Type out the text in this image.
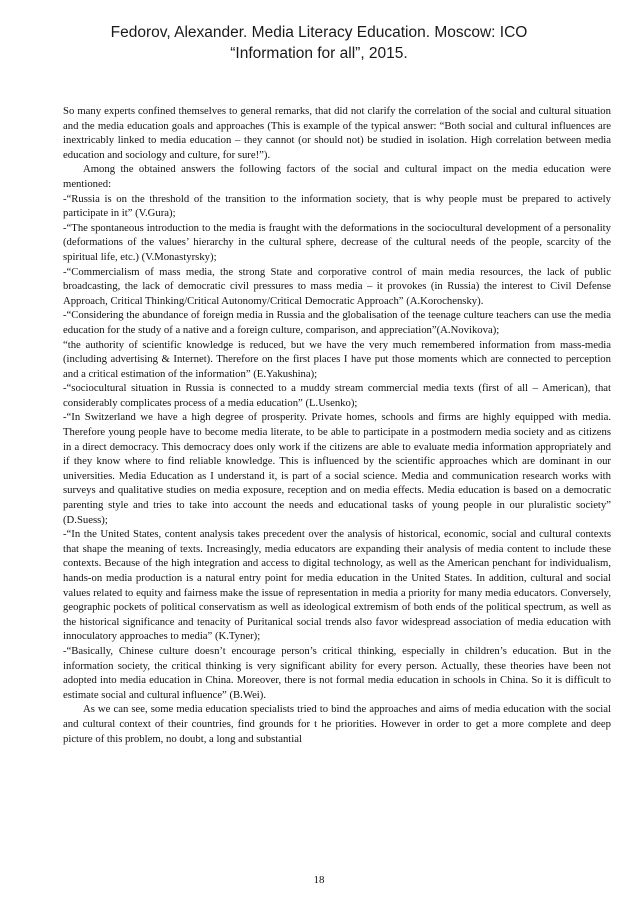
Fedorov, Alexander. Media Literacy Education. Moscow: ICO
“Information for all”, 2015.

So many experts confined themselves to general remarks, that did not clarify the correlation of the social and cultural situation and the media education goals and approaches (This is example of the typical answer: “Both social and cultural influences are inextricably linked to media education – they cannot (or should not) be studied in isolation. High correlation between media education and sociology and culture, for sure!”).

Among the obtained answers the following factors of the social and cultural impact on the media education were mentioned:

-“Russia is on the threshold of the transition to the information society, that is why people must be prepared to actively participate in it” (V.Gura);

-“The spontaneous introduction to the media is fraught with the deformations in the sociocultural development of a personality (deformations of the values’ hierarchy in the cultural sphere, decrease of the cultural needs of the people, scarcity of the spiritual life, etc.) (V.Monastyrsky);

-“Commercialism of mass media, the strong State and corporative control of main media resources, the lack of public broadcasting, the lack of democratic civil pressures to mass media – it provokes (in Russia) the interest to Civil Defense Approach, Critical Thinking/Critical Autonomy/Critical Democratic Approach” (A.Korochensky).

-“Considering the abundance of foreign media in Russia and the globalisation of the teenage culture teachers can use the media education for the study of a native and a foreign culture, comparison, and appreciation”(A.Novikova);

“the authority of scientific knowledge is reduced, but we have the very much remembered information from mass-media (including advertising & Internet). Therefore on the first places I have put those moments which are connected to perception and a critical estimation of the information” (E.Yakushina);

-“sociocultural situation in Russia is connected to a muddy stream commercial media texts (first of all – American), that considerably complicates process of a media education” (L.Usenko);

-“In Switzerland we have a high degree of prosperity. Private homes, schools and firms are highly equipped with media. Therefore young people have to become media literate, to be able to participate in a postmodern media society and as citizens in a direct democracy. This democracy does only work if the citizens are able to evaluate media information appropriately and if they know where to find reliable knowledge. This is influenced by the scientific approaches which are dominant in our universities. Media Education as I understand it, is part of a social science. Media and communication research works with surveys and qualitative studies on media exposure, reception and on media effects. Media education is based on a democratic parenting style and tries to take into account the needs and educational tasks of young people in our pluralistic society” (D.Suess);

-“In the United States, content analysis takes precedent over the analysis of historical, economic, social and cultural contexts that shape the meaning of texts. Increasingly, media educators are expanding their analysis of media content to include these contexts. Because of the high integration and access to digital technology, as well as the American penchant for individualism, hands-on media production is a natural entry point for media education in the United States. In addition, cultural and social values related to equity and fairness make the issue of representation in media a priority for many media educators. Conversely, geographic pockets of political conservatism as well as ideological extremism of both ends of the political spectrum, as well as the historical significance and tenacity of Puritanical social trends also favor widespread association of media education with innoculatory approaches to media” (K.Tyner);

-“Basically, Chinese culture doesn’t encourage person’s critical thinking, especially in children’s education. But in the information society, the critical thinking is very significant ability for every person. Actually, these theories have been not adopted into media education in China. Moreover, there is not formal media education in schools in China. So it is difficult to estimate social and cultural influence” (B.Wei).

As we can see, some media education specialists tried to bind the approaches and aims of media education with the social and cultural context of their countries, find grounds for t he priorities. However in order to get a more complete and deep picture of this problem, no doubt, a long and substantial

18
